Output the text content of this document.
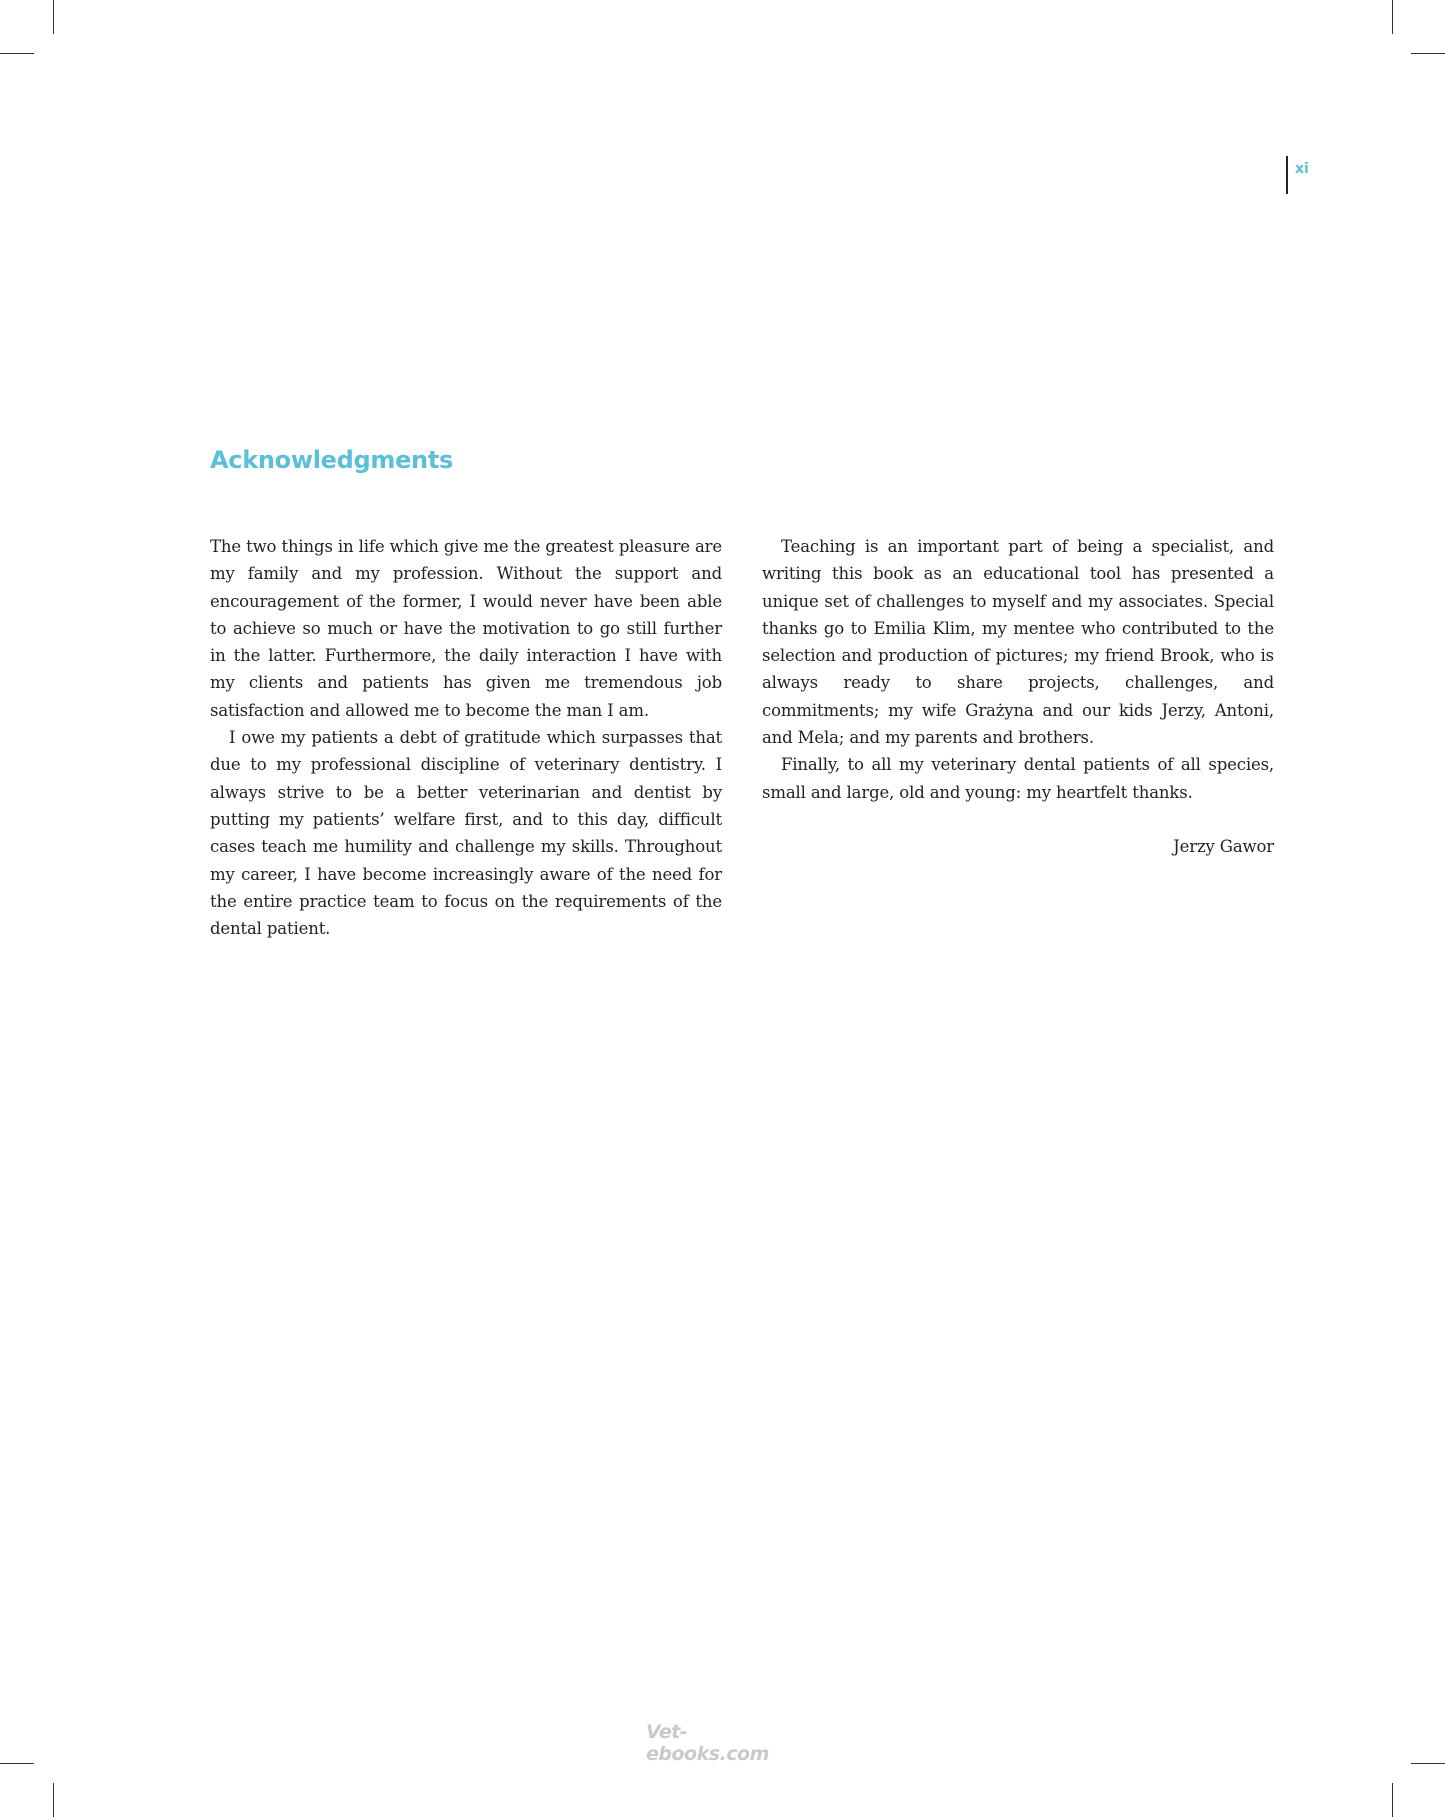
xi
Acknowledgments

The two things in life which give me the greatest pleasure are my family and my profession. Without the support and encouragement of the former, I would never have been able to achieve so much or have the motivation to go still further in the latter. Furthermore, the daily interaction I have with my clients and patients has given me tremendous job satisfaction and allowed me to become the man I am.

I owe my patients a debt of gratitude which surpasses that due to my professional discipline of veterinary dentistry. I always strive to be a better veterinarian and dentist by putting my patients’ welfare first, and to this day, difficult cases teach me humility and challenge my skills. Throughout my career, I have become increasingly aware of the need for the entire practice team to focus on the requirements of the dental patient.

Teaching is an important part of being a specialist, and writing this book as an educational tool has presented a unique set of challenges to myself and my associates. Special thanks go to Emilia Klim, my mentee who contributed to the selection and production of pictures; my friend Brook, who is always ready to share projects, challenges, and commitments; my wife Grażyna and our kids Jerzy, Antoni, and Mela; and my parents and brothers.

Finally, to all my veterinary dental patients of all species, small and large, old and young: my heartfelt thanks.

Jerzy Gawor
Vet-ebooks.com
